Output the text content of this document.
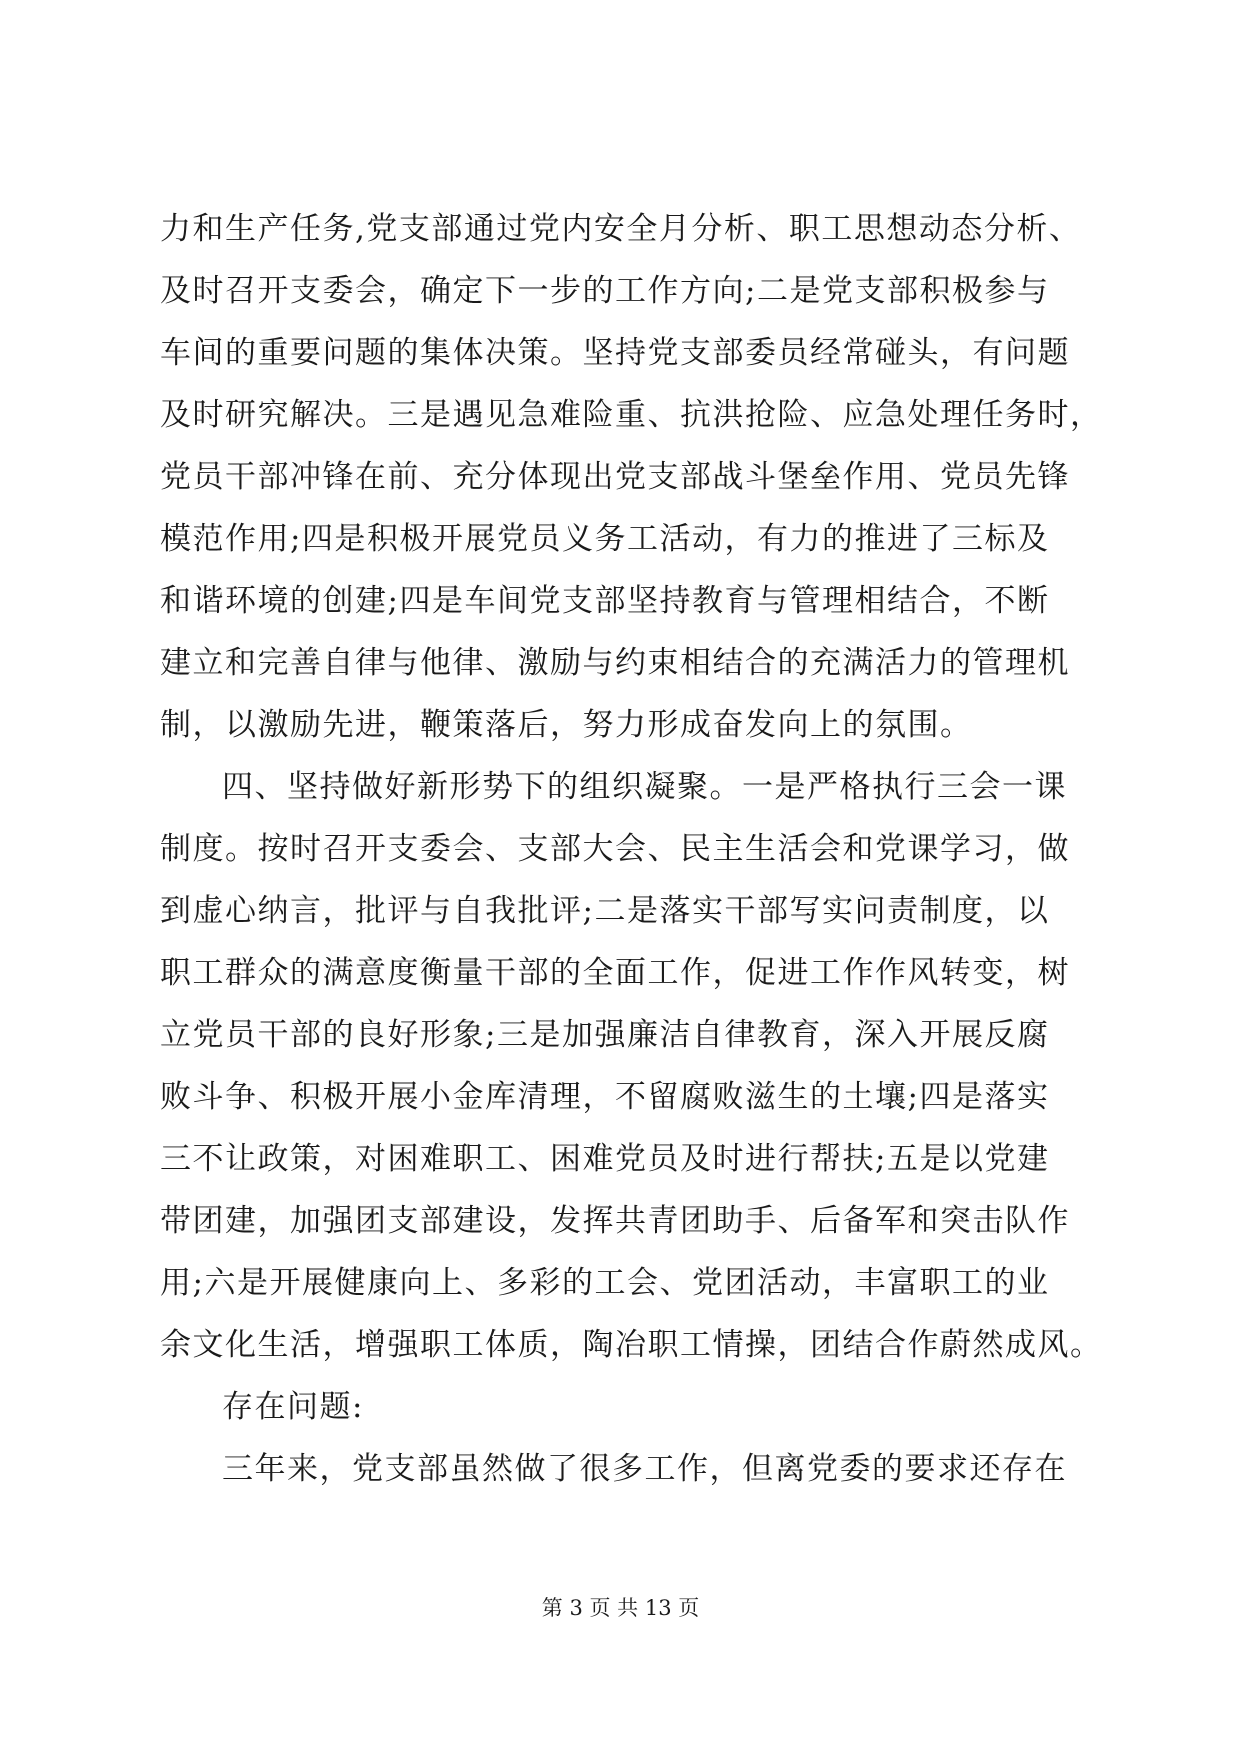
力和生产任务,党支部通过党内安全月分析、职工思想动态分析、
及时召开支委会，确定下一步的工作方向;二是党支部积极参与
车间的重要问题的集体决策。坚持党支部委员经常碰头，有问题
及时研究解决。三是遇见急难险重、抗洪抢险、应急处理任务时，
党员干部冲锋在前、充分体现出党支部战斗堡垒作用、党员先锋
模范作用;四是积极开展党员义务工活动，有力的推进了三标及
和谐环境的创建;四是车间党支部坚持教育与管理相结合，不断
建立和完善自律与他律、激励与约束相结合的充满活力的管理机
制，以激励先进，鞭策落后，努力形成奋发向上的氛围。
四、坚持做好新形势下的组织凝聚。一是严格执行三会一课
制度。按时召开支委会、支部大会、民主生活会和党课学习，做
到虚心纳言，批评与自我批评;二是落实干部写实问责制度，以
职工群众的满意度衡量干部的全面工作，促进工作作风转变，树
立党员干部的良好形象;三是加强廉洁自律教育，深入开展反腐
败斗争、积极开展小金库清理，不留腐败滋生的土壤;四是落实
三不让政策，对困难职工、困难党员及时进行帮扶;五是以党建
带团建，加强团支部建设，发挥共青团助手、后备军和突击队作
用;六是开展健康向上、多彩的工会、党团活动，丰富职工的业
余文化生活，增强职工体质，陶冶职工情操，团结合作蔚然成风。
存在问题:
三年来，党支部虽然做了很多工作，但离党委的要求还存在
第 3 页 共 13 页
